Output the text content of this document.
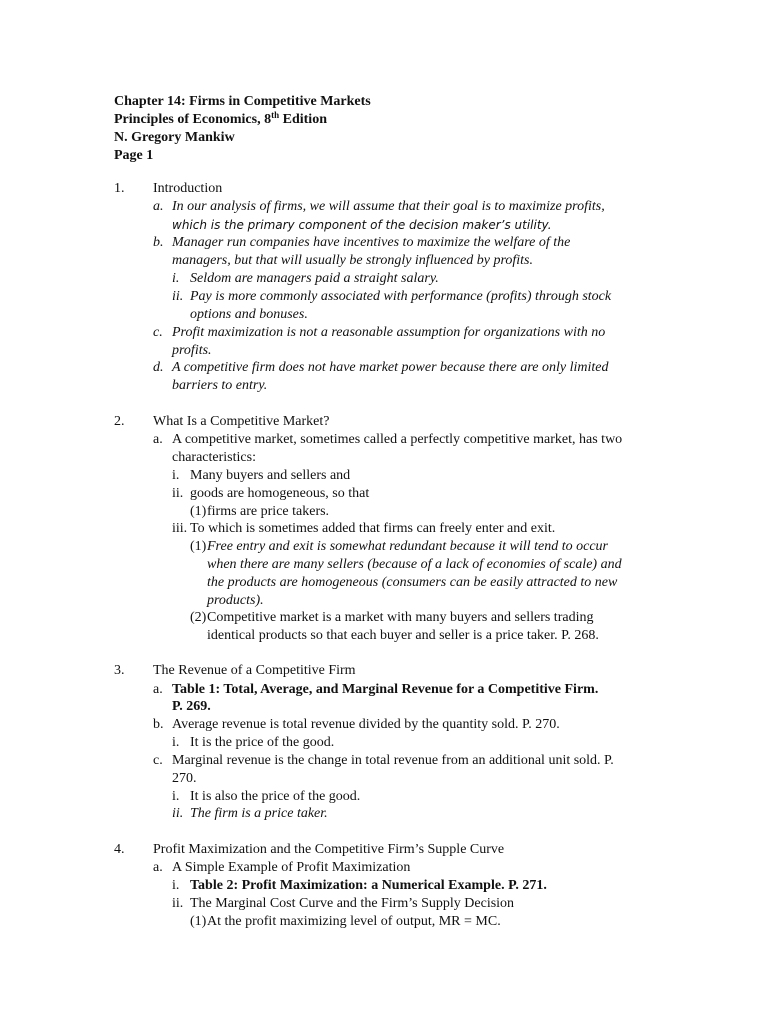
Chapter 14: Firms in Competitive Markets
Principles of Economics, 8th Edition
N. Gregory Mankiw
Page 1
1. Introduction
a. In our analysis of firms, we will assume that their goal is to maximize profits,
which is the primary component of the decision maker’s utility.
b. Manager run companies have incentives to maximize the welfare of the
managers, but that will usually be strongly influenced by profits.
i. Seldom are managers paid a straight salary.
ii. Pay is more commonly associated with performance (profits) through stock
options and bonuses.
c. Profit maximization is not a reasonable assumption for organizations with no
profits.
d. A competitive firm does not have market power because there are only limited
barriers to entry.
2. What Is a Competitive Market?
a. A competitive market, sometimes called a perfectly competitive market, has two
characteristics:
i. Many buyers and sellers and
ii. goods are homogeneous, so that
(1) firms are price takers.
iii. To which is sometimes added that firms can freely enter and exit.
(1) Free entry and exit is somewhat redundant because it will tend to occur
when there are many sellers (because of a lack of economies of scale) and
the products are homogeneous (consumers can be easily attracted to new
products).
(2) Competitive market is a market with many buyers and sellers trading
identical products so that each buyer and seller is a price taker. P. 268.
3. The Revenue of a Competitive Firm
a. Table 1: Total, Average, and Marginal Revenue for a Competitive Firm.
P. 269.
b. Average revenue is total revenue divided by the quantity sold. P. 270.
i. It is the price of the good.
c. Marginal revenue is the change in total revenue from an additional unit sold. P.
270.
i. It is also the price of the good.
ii. The firm is a price taker.
4. Profit Maximization and the Competitive Firm’s Supple Curve
a. A Simple Example of Profit Maximization
i. Table 2: Profit Maximization: a Numerical Example. P. 271.
ii. The Marginal Cost Curve and the Firm’s Supply Decision
(1) At the profit maximizing level of output, MR = MC.
